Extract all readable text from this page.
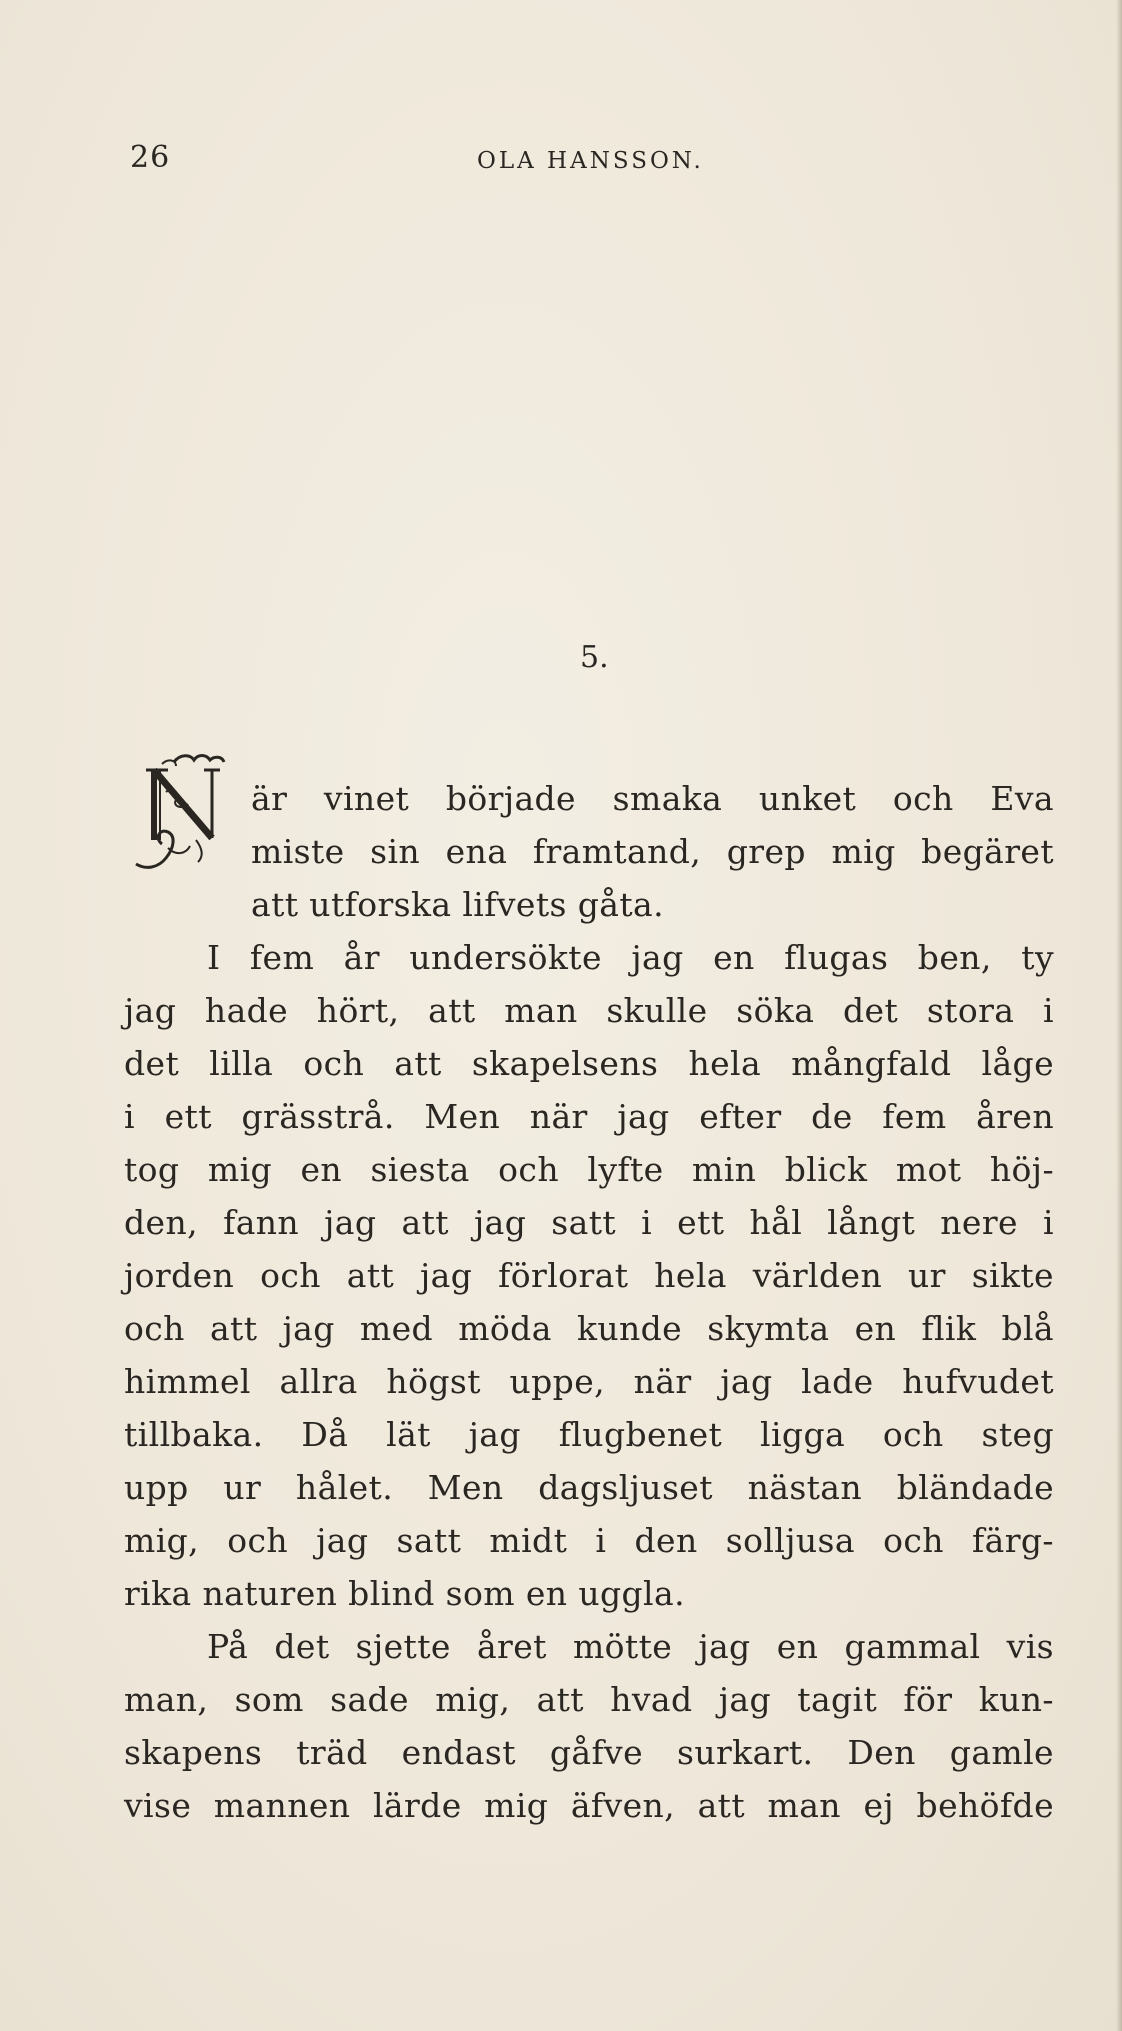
26	OLA HANSSON.
5.
är vinet började smaka unket och Eva
miste sin ena framtand, grep mig begäret
att utforska lifvets gåta.
I fem år undersökte jag en flugas ben, ty
jag hade hört, att man skulle söka det stora i
det lilla och att skapelsens hela mångfald låge
i ett grässtrå. Men när jag efter de fem åren
tog mig en siesta och lyfte min blick mot höj-
den, fann jag att jag satt i ett hål långt nere i
jorden och att jag förlorat hela världen ur sikte
och att jag med möda kunde skymta en flik blå
himmel allra högst uppe, när jag lade hufvudet
tillbaka. Då lät jag flugbenet ligga och steg
upp ur hålet. Men dagsljuset nästan bländade
mig, och jag satt midt i den solljusa och färg-
rika naturen blind som en uggla.
På det sjette året mötte jag en gammal vis
man, som sade mig, att hvad jag tagit för kun-
skapens träd endast gåfve surkart. Den gamle
vise mannen lärde mig äfven, att man ej behöfde
